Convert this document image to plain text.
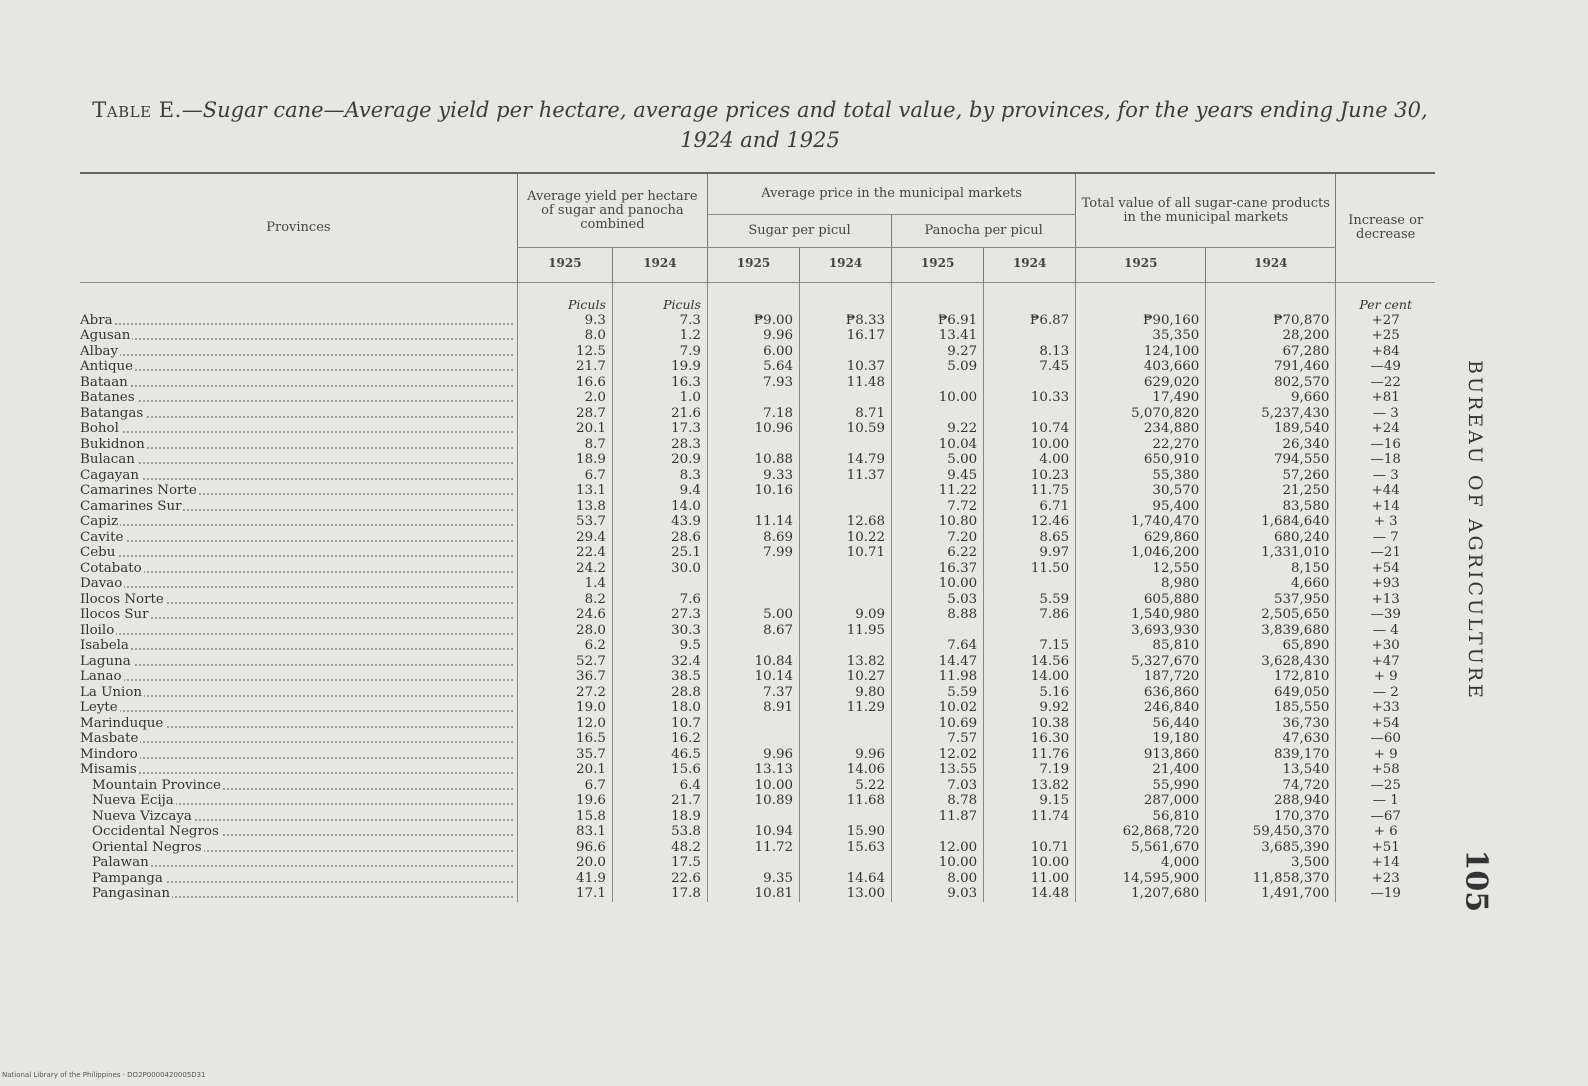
Table E.—Sugar cane—Average yield per hectare, average prices and total value, by provinces, for the years ending June 30,
1924 and 1925
Provinces	Average yield per hectare of sugar and panocha combined		Average price in the municipal markets				Total value of all sugar-cane products in the municipal markets		Increase or decrease
			Sugar per picul		Panocha per picul				
	1925	1924	1925	1924	1925	1924	1925	1924	
	Piculs	Piculs							Per cent

Abra	9.3	7.3	₱9.00	₱8.33	₱6.91	₱6.87	₱90,160	₱70,870	+27

Agusan	8.0	1.2	9.96	16.17	13.41		35,350	28,200	+25

Albay	12.5	7.9	6.00		9.27	8.13	124,100	67,280	+84

Antique	21.7	19.9	5.64	10.37	5.09	7.45	403,660	791,460	—49

Bataan	16.6	16.3	7.93	11.48			629,020	802,570	—22

Batanes	2.0	1.0			10.00	10.33	17,490	9,660	+81

Batangas	28.7	21.6	7.18	8.71			5,070,820	5,237,430	— 3

Bohol	20.1	17.3	10.96	10.59	9.22	10.74	234,880	189,540	+24

Bukidnon	8.7	28.3			10.04	10.00	22,270	26,340	—16

Bulacan	18.9	20.9	10.88	14.79	5.00	4.00	650,910	794,550	—18

Cagayan	6.7	8.3	9.33	11.37	9.45	10.23	55,380	57,260	— 3

Camarines Norte	13.1	9.4	10.16		11.22	11.75	30,570	21,250	+44

Camarines Sur	13.8	14.0			7.72	6.71	95,400	83,580	+14

Capiz	53.7	43.9	11.14	12.68	10.80	12.46	1,740,470	1,684,640	+ 3

Cavite	29.4	28.6	8.69	10.22	7.20	8.65	629,860	680,240	— 7

Cebu	22.4	25.1	7.99	10.71	6.22	9.97	1,046,200	1,331,010	—21

Cotabato	24.2	30.0			16.37	11.50	12,550	8,150	+54

Davao	1.4				10.00		8,980	4,660	+93

Ilocos Norte	8.2	7.6			5.03	5.59	605,880	537,950	+13

Ilocos Sur	24.6	27.3	5.00	9.09	8.88	7.86	1,540,980	2,505,650	—39

Iloilo	28.0	30.3	8.67	11.95			3,693,930	3,839,680	— 4

Isabela	6.2	9.5			7.64	7.15	85,810	65,890	+30

Laguna	52.7	32.4	10.84	13.82	14.47	14.56	5,327,670	3,628,430	+47

Lanao	36.7	38.5	10.14	10.27	11.98	14.00	187,720	172,810	+ 9

La Union	27.2	28.8	7.37	9.80	5.59	5.16	636,860	649,050	— 2

Leyte	19.0	18.0	8.91	11.29	10.02	9.92	246,840	185,550	+33

Marinduque	12.0	10.7			10.69	10.38	56,440	36,730	+54

Masbate	16.5	16.2			7.57	16.30	19,180	47,630	—60

Mindoro	35.7	46.5	9.96	9.96	12.02	11.76	913,860	839,170	+ 9

Misamis	20.1	15.6	13.13	14.06	13.55	7.19	21,400	13,540	+58

Mountain Province	6.7	6.4	10.00	5.22	7.03	13.82	55,990	74,720	—25

Nueva Ecija	19.6	21.7	10.89	11.68	8.78	9.15	287,000	288,940	— 1

Nueva Vizcaya	15.8	18.9			11.87	11.74	56,810	170,370	—67

Occidental Negros	83.1	53.8	10.94	15.90			62,868,720	59,450,370	+ 6

Oriental Negros	96.6	48.2	11.72	15.63	12.00	10.71	5,561,670	3,685,390	+51

Palawan	20.0	17.5			10.00	10.00	4,000	3,500	+14

Pampanga	41.9	22.6	9.35	14.64	8.00	11.00	14,595,900	11,858,370	+23

Pangasinan	17.1	17.8	10.81	13.00	9.03	14.48	1,207,680	1,491,700	—19
BUREAU OF AGRICULTURE
105
National Library of the Philippines · DO2P0000420005D31
